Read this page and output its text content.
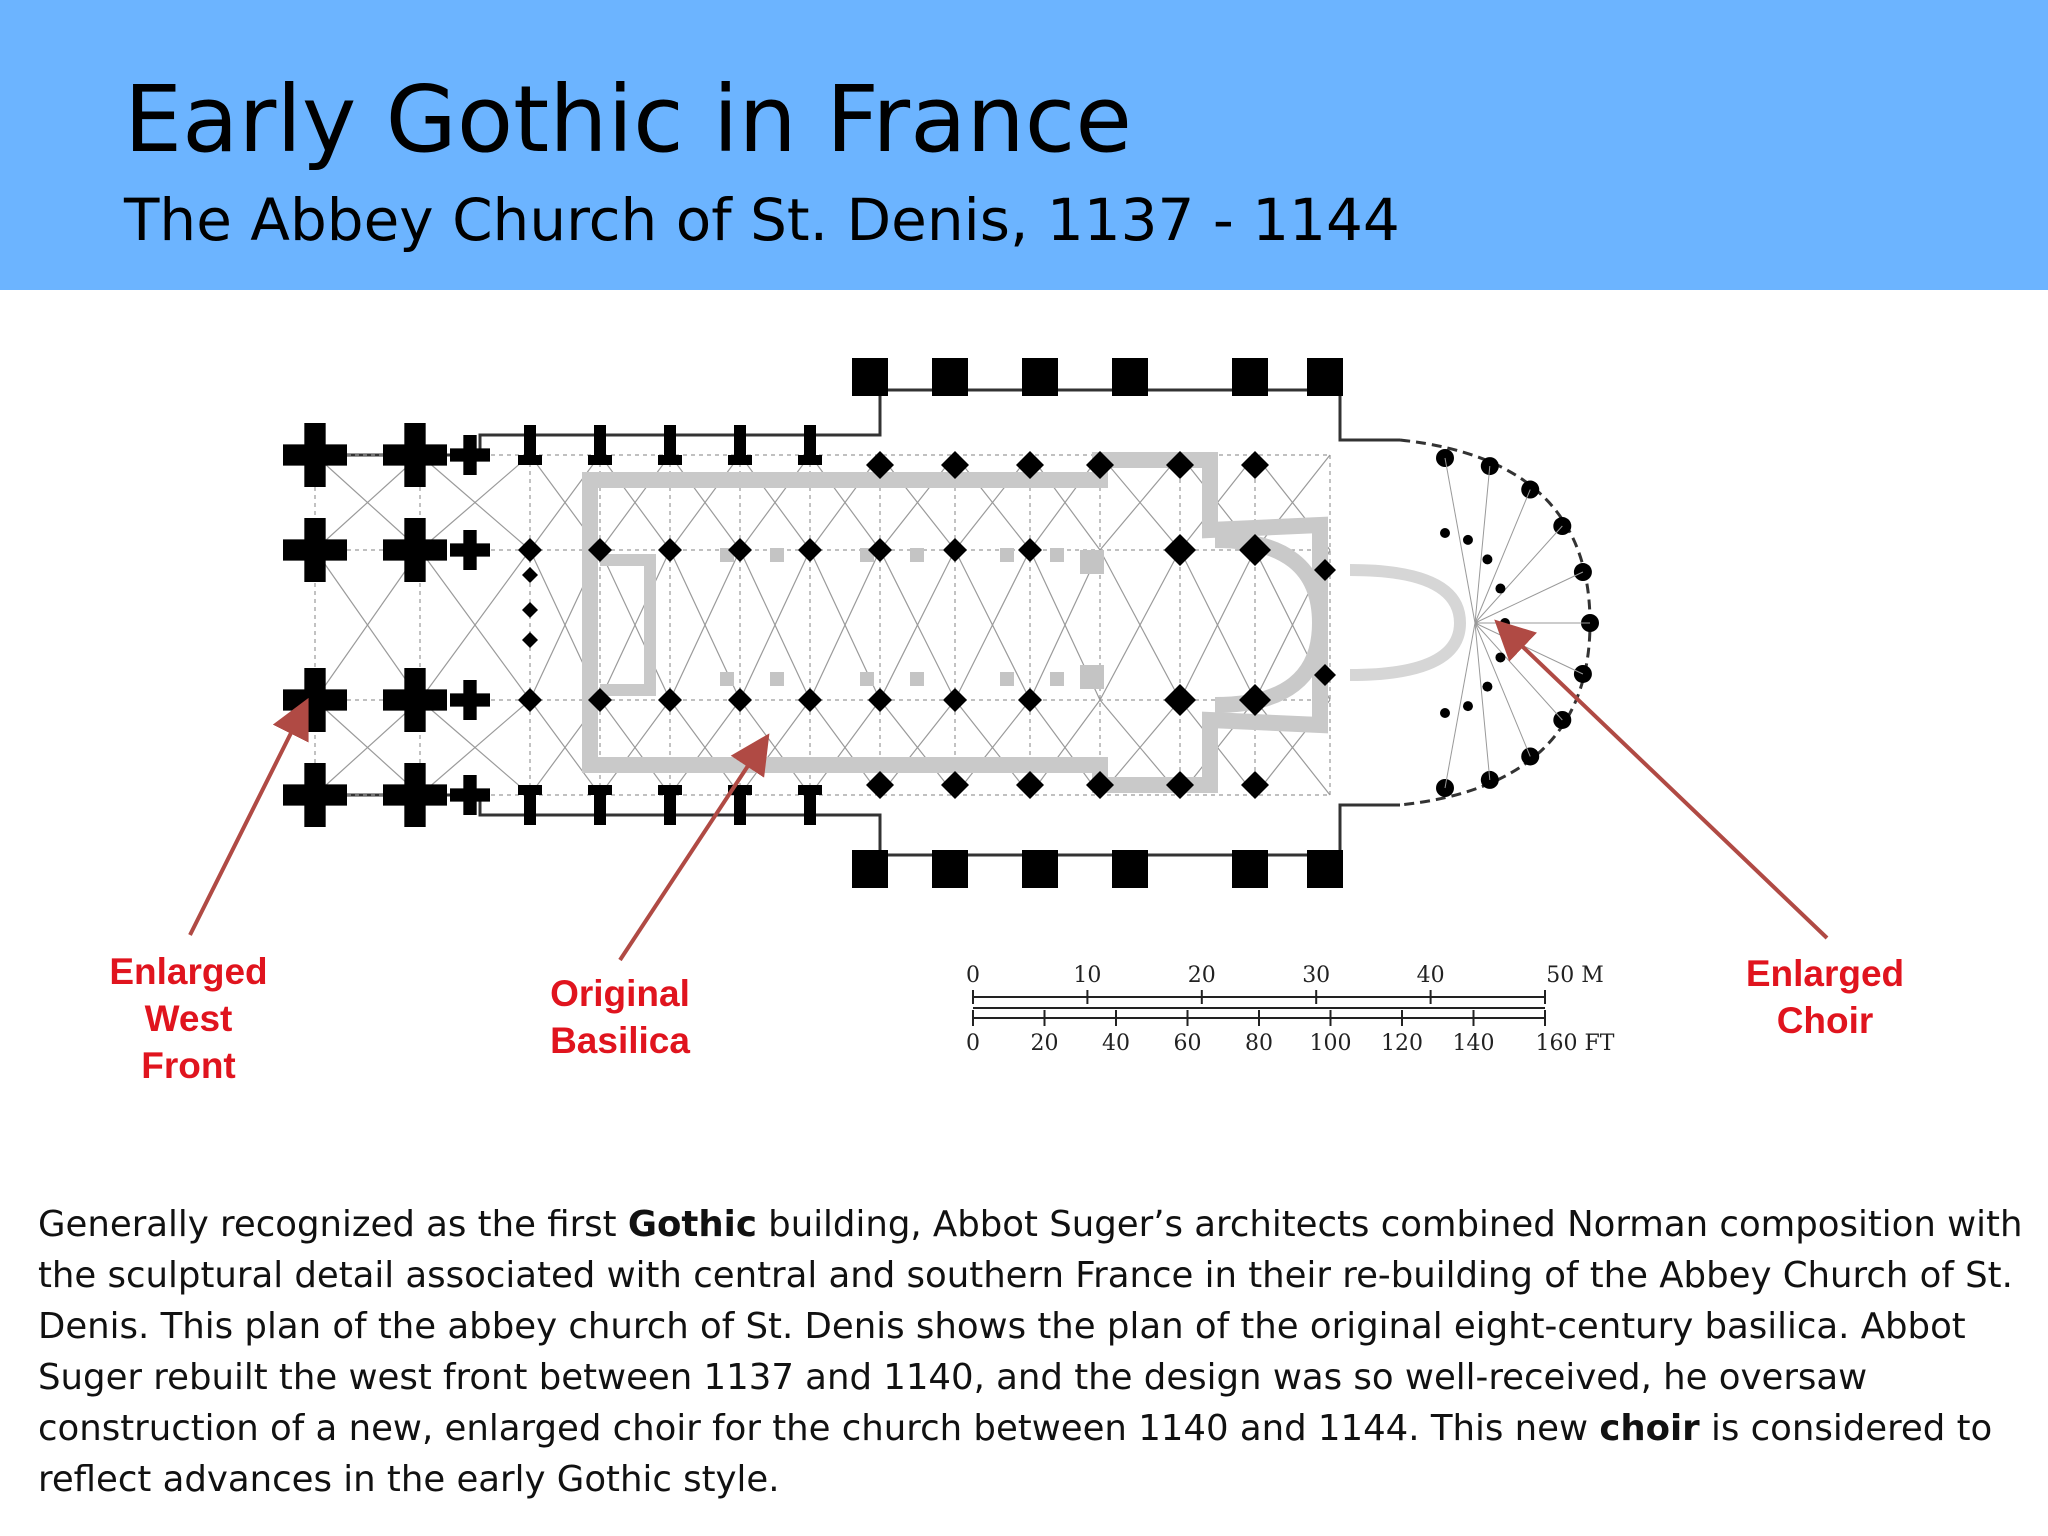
Early Gothic in France
The Abbey Church of St. Denis, 1137 - 1144
0	10	20	30	40	50 M
0 20 40 60 80 100 120 140 160 FT
Enlarged
West
Front
Original
Basilica
Enlarged
Choir
Generally recognized as the first Gothic building, Abbot Suger’s architects combined Norman composition with the sculptural detail associated with central and southern France in their re-building of the Abbey Church of St. Denis. This plan of the abbey church of St. Denis shows the plan of the original eight-century basilica. Abbot Suger rebuilt the west front between 1137 and 1140, and the design was so well-received, he oversaw construction of a new, enlarged choir for the church between 1140 and 1144. This new choir is considered to reflect advances in the early Gothic style.
